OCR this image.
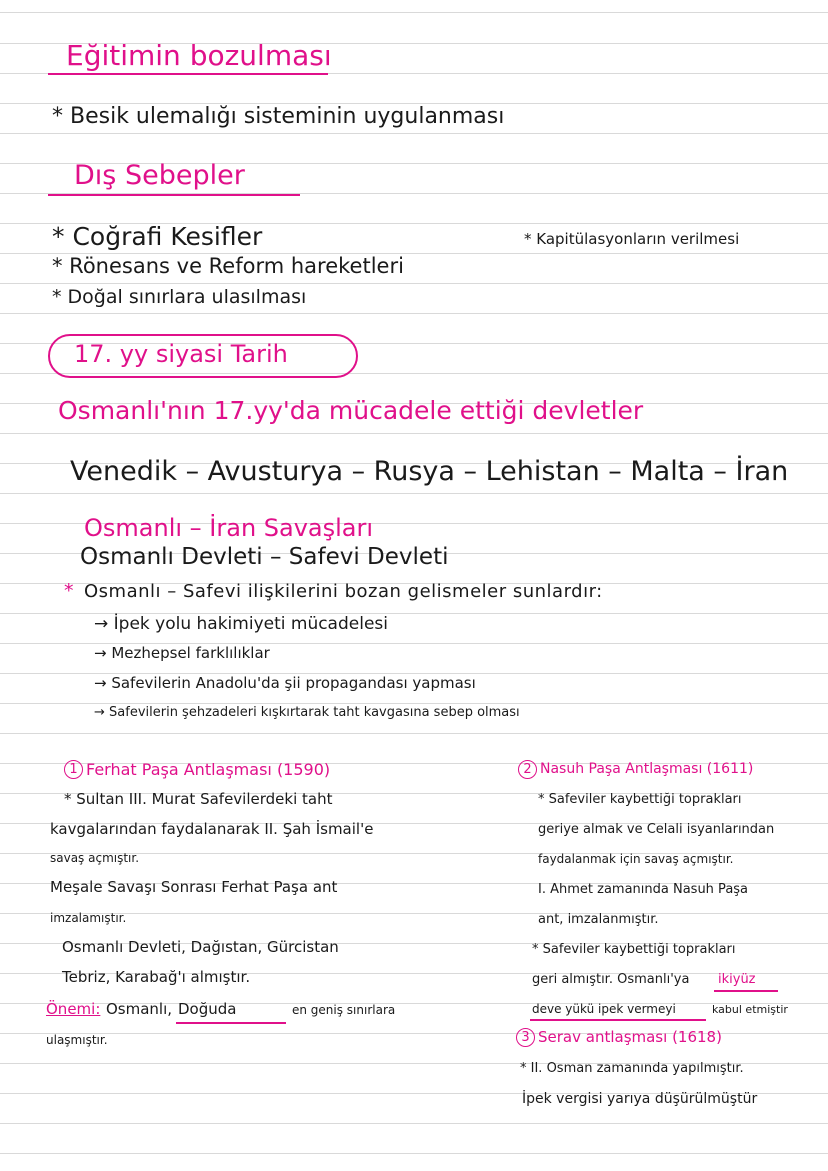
Eğitimin bozulması
* Besik ulemalığı sisteminin uygulanması
Dış Sebepler
* Coğrafi Kesifler
* Rönesans ve Reform hareketleri
* Doğal sınırlara ulasılması
* Kapitülasyonların verilmesi
17. yy siyasi Tarih
Osmanlı'nın 17.yy'da mücadele ettiği devletler
Venedik – Avusturya – Rusya – Lehistan – Malta – İran
Osmanlı – İran Savaşları
Osmanlı Devleti – Safevi Devleti
* Osmanlı – Safevi ilişkilerini bozan gelismeler sunlardır:
→ İpek yolu hakimiyeti mücadelesi
→ Mezhepsel farklılıklar
→ Safevilerin Anadolu'da şii propagandası yapması
→ Safevilerin şehzadeleri kışkırtarak taht kavgasına sebep olması
1 Ferhat Paşa Antlaşması (1590)
* Sultan III. Murat Safevilerdeki taht
kavgalarından faydalanarak II. Şah İsmail'e
savaş açmıştır.
Meşale Savaşı Sonrası Ferhat Paşa ant
imzalamıştır.
Osmanlı Devleti, Dağıstan, Gürcistan
Tebriz, Karabağ'ı almıştır.
Önemi: Osmanlı, Doğuda	en geniş sınırlara
ulaşmıştır.
2 Nasuh Paşa Antlaşması (1611)
* Safeviler kaybettiği toprakları
geriye almak ve Celali isyanlarından
faydalanmak için savaş açmıştır.
I. Ahmet zamanında Nasuh Paşa
ant, imzalanmıştır.
* Safeviler kaybettiği toprakları
geri almıştır. Osmanlı'ya ikiyüz
deve yükü ipek vermeyi	kabul etmiştir
3 Serav antlaşması (1618)
* II. Osman zamanında yapılmıştır.
İpek vergisi yarıya düşürülmüştür
